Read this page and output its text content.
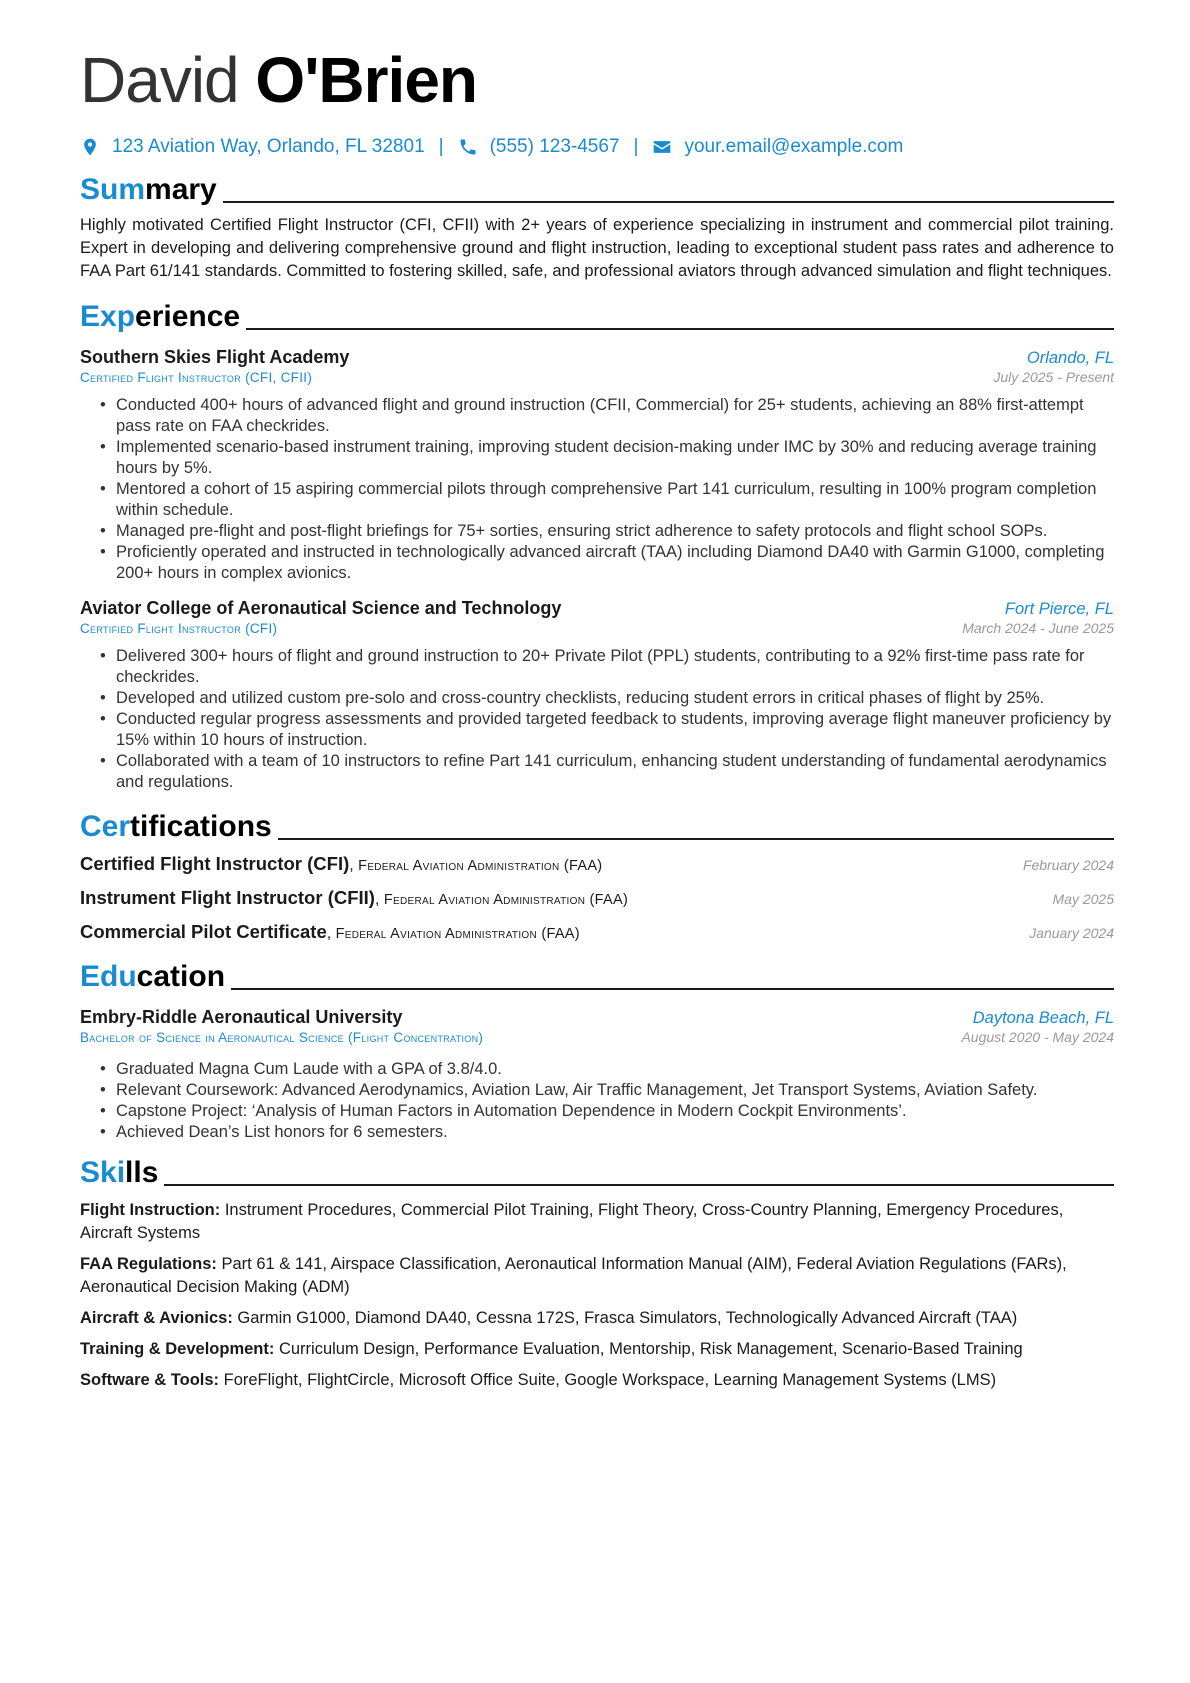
David O'Brien
123 Aviation Way, Orlando, FL 32801 | (555) 123-4567 | your.email@example.com
Summary
Highly motivated Certified Flight Instructor (CFI, CFII) with 2+ years of experience specializing in instrument and commercial pilot training. Expert in developing and delivering comprehensive ground and flight instruction, leading to exceptional student pass rates and adherence to FAA Part 61/141 standards. Committed to fostering skilled, safe, and professional aviators through advanced simulation and flight techniques.
Experience
Southern Skies Flight Academy	Orlando, FL
Certified Flight Instructor (CFI, CFII)	July 2025 - Present
• Conducted 400+ hours of advanced flight and ground instruction (CFII, Commercial) for 25+ students, achieving an 88% first-attempt pass rate on FAA checkrides.
• Implemented scenario-based instrument training, improving student decision-making under IMC by 30% and reducing average training hours by 5%.
• Mentored a cohort of 15 aspiring commercial pilots through comprehensive Part 141 curriculum, resulting in 100% program completion within schedule.
• Managed pre-flight and post-flight briefings for 75+ sorties, ensuring strict adherence to safety protocols and flight school SOPs.
• Proficiently operated and instructed in technologically advanced aircraft (TAA) including Diamond DA40 with Garmin G1000, completing 200+ hours in complex avionics.
Aviator College of Aeronautical Science and Technology	Fort Pierce, FL
Certified Flight Instructor (CFI)	March 2024 - June 2025
• Delivered 300+ hours of flight and ground instruction to 20+ Private Pilot (PPL) students, contributing to a 92% first-time pass rate for checkrides.
• Developed and utilized custom pre-solo and cross-country checklists, reducing student errors in critical phases of flight by 25%.
• Conducted regular progress assessments and provided targeted feedback to students, improving average flight maneuver proficiency by 15% within 10 hours of instruction.
• Collaborated with a team of 10 instructors to refine Part 141 curriculum, enhancing student understanding of fundamental aerodynamics and regulations.
Certifications
Certified Flight Instructor (CFI), Federal Aviation Administration (FAA)	February 2024
Instrument Flight Instructor (CFII), Federal Aviation Administration (FAA)	May 2025
Commercial Pilot Certificate, Federal Aviation Administration (FAA)	January 2024
Education
Embry-Riddle Aeronautical University	Daytona Beach, FL
Bachelor of Science in Aeronautical Science (Flight Concentration)	August 2020 - May 2024
• Graduated Magna Cum Laude with a GPA of 3.8/4.0.
• Relevant Coursework: Advanced Aerodynamics, Aviation Law, Air Traffic Management, Jet Transport Systems, Aviation Safety.
• Capstone Project: ‘Analysis of Human Factors in Automation Dependence in Modern Cockpit Environments’.
• Achieved Dean’s List honors for 6 semesters.
Skills
Flight Instruction: Instrument Procedures, Commercial Pilot Training, Flight Theory, Cross-Country Planning, Emergency Procedures, Aircraft Systems
FAA Regulations: Part 61 & 141, Airspace Classification, Aeronautical Information Manual (AIM), Federal Aviation Regulations (FARs), Aeronautical Decision Making (ADM)
Aircraft & Avionics: Garmin G1000, Diamond DA40, Cessna 172S, Frasca Simulators, Technologically Advanced Aircraft (TAA)
Training & Development: Curriculum Design, Performance Evaluation, Mentorship, Risk Management, Scenario-Based Training
Software & Tools: ForeFlight, FlightCircle, Microsoft Office Suite, Google Workspace, Learning Management Systems (LMS)
